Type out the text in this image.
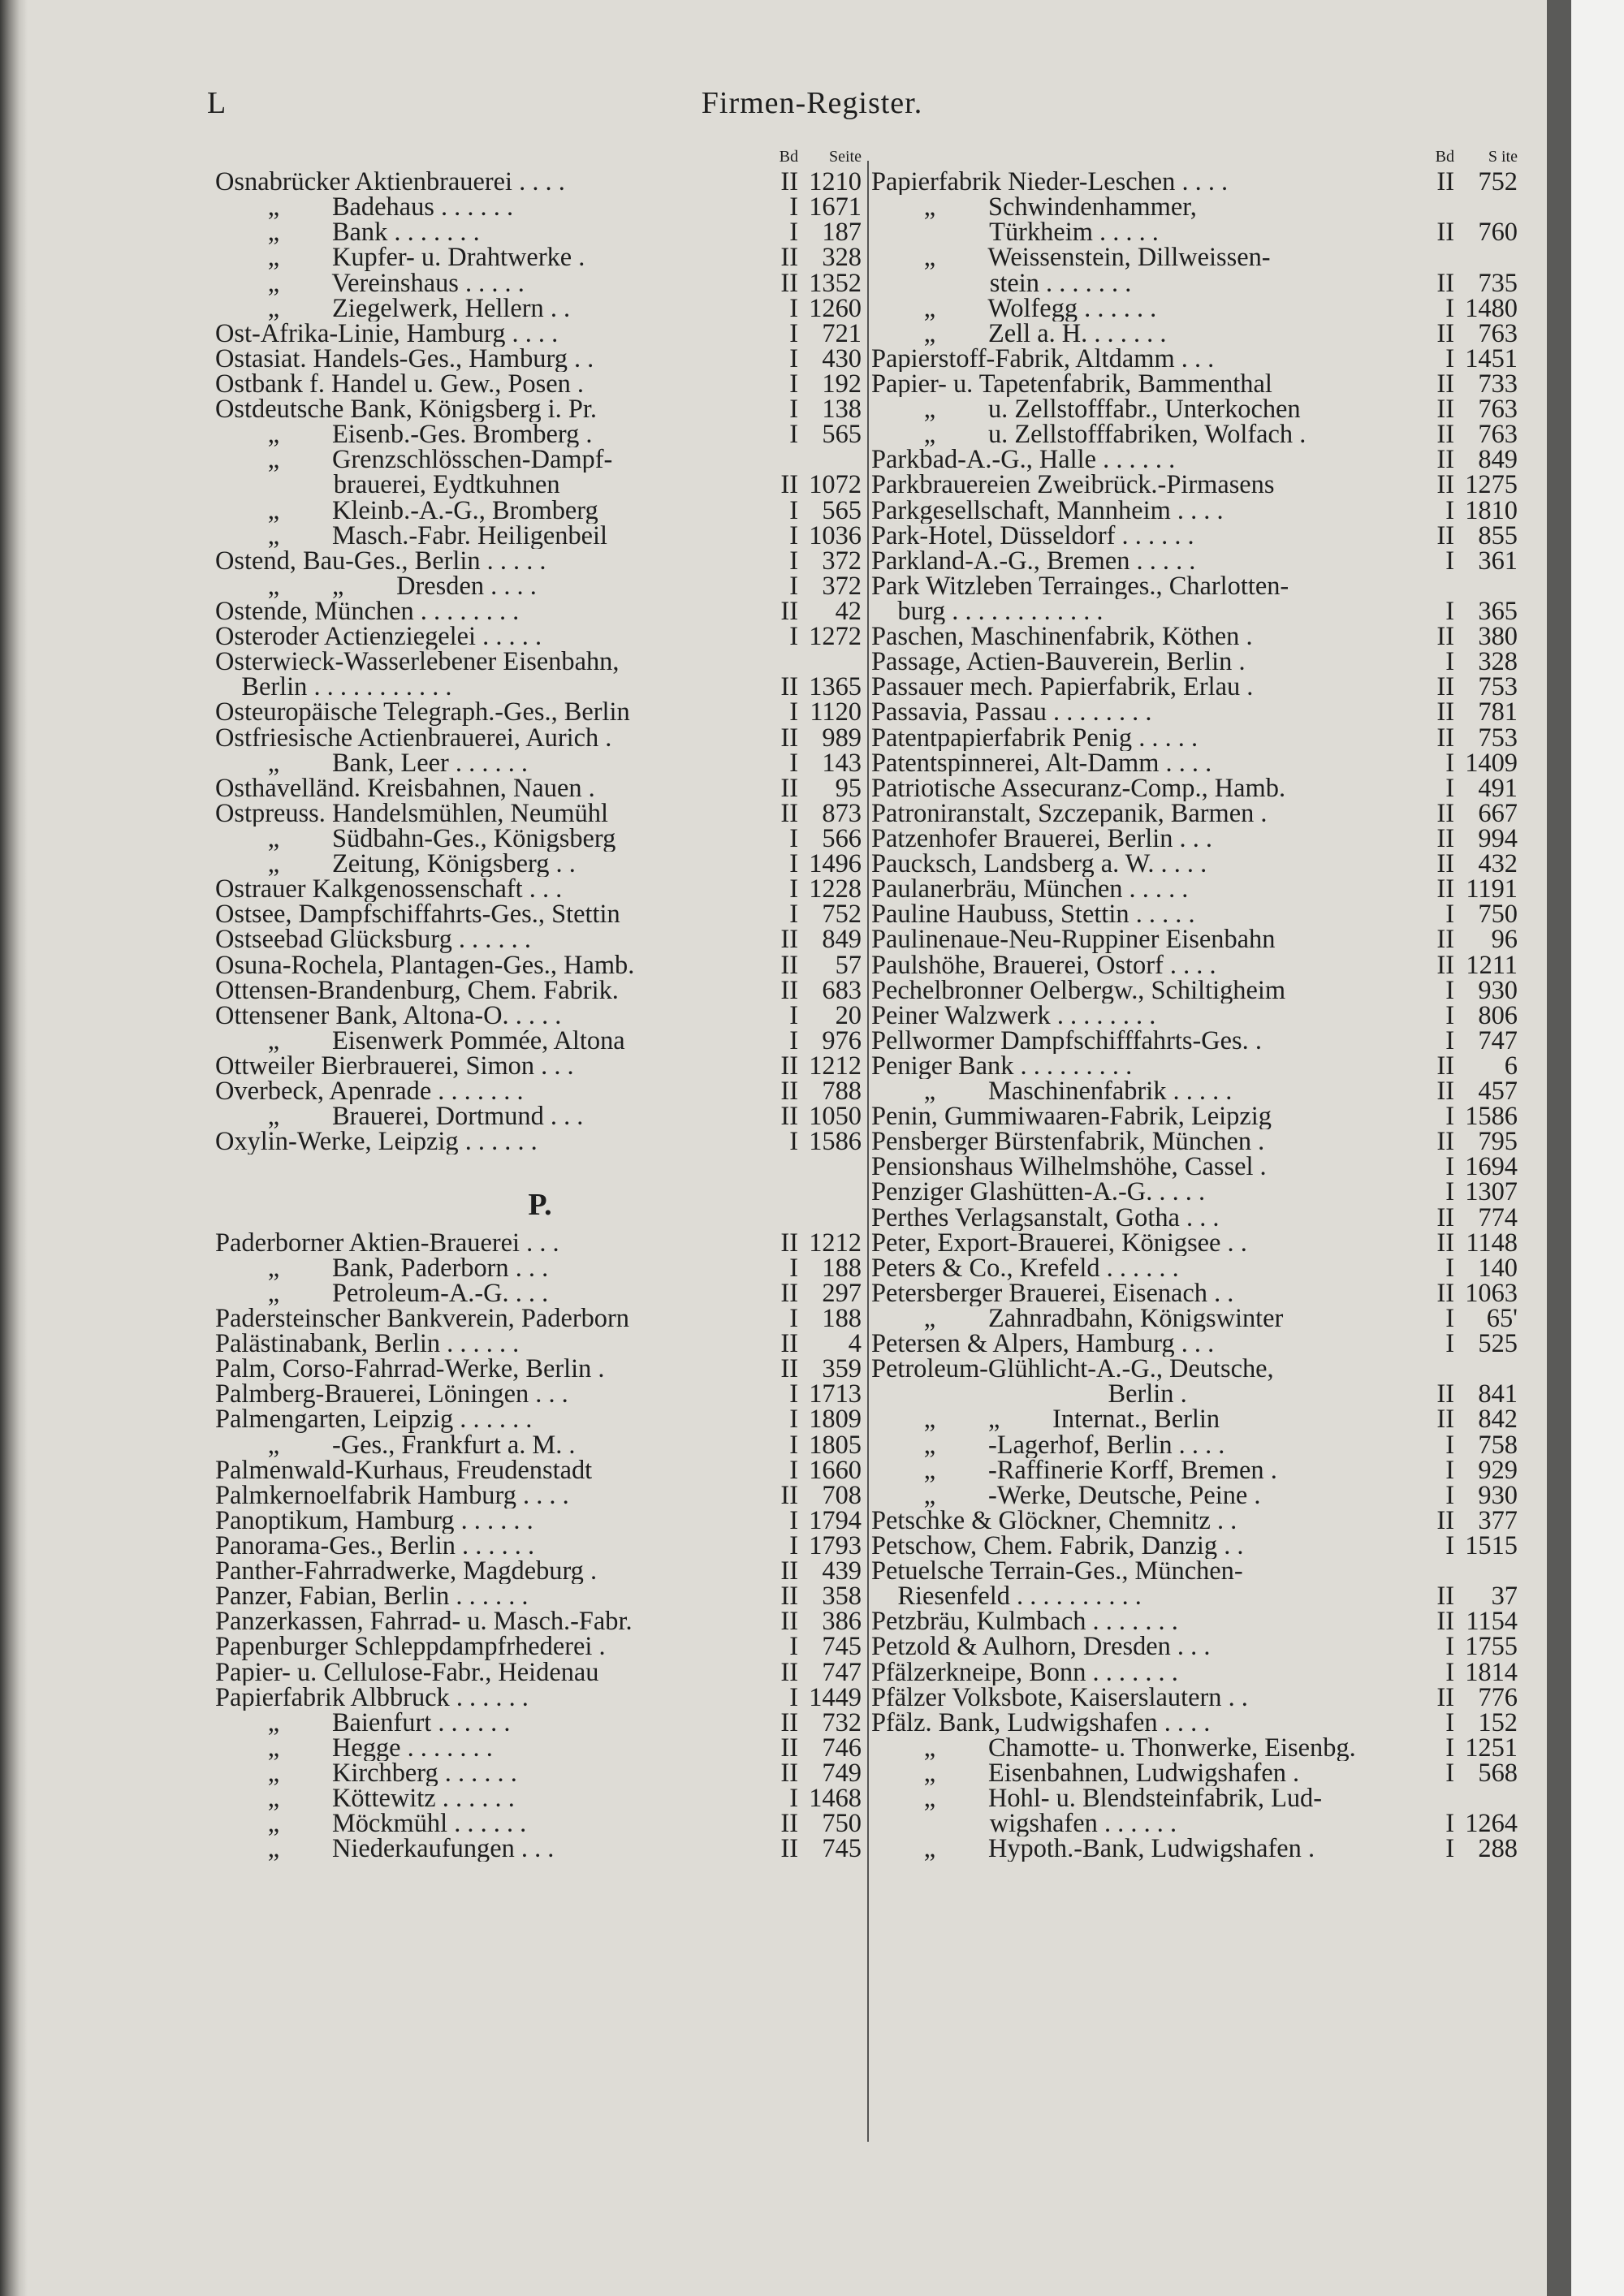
L	Firmen-Register.
Bd	Seite
Osnabrücker Aktienbrauerei . . . .	II 1210
„        Badehaus . . . . . .	I 1671
„        Bank . . . . . . .	I 187
„        Kupfer- u. Drahtwerke .	II 328
„        Vereinshaus . . . . .	II 1352
„        Ziegelwerk, Hellern . .	I 1260
Ost-Afrika-Linie, Hamburg . . . .	I 721
Ostasiat. Handels-Ges., Hamburg . .	I 430
Ostbank f. Handel u. Gew., Posen .	I 192
Ostdeutsche Bank, Königsberg i. Pr.	I 138
„        Eisenb.-Ges. Bromberg .	I 565
„        Grenzschlösschen-Dampf-
brauerei, Eydtkuhnen	II 1072
„        Kleinb.-A.-G., Bromberg	I 565
„        Masch.-Fabr. Heiligenbeil	I 1036
Ostend, Bau-Ges., Berlin . . . . .	I 372
„        „        Dresden . . . .	I 372
Ostende, München . . . . . . . .	II	42
Osteroder Actienziegelei . . . . .	I 1272
Osterwieck-Wasserlebener Eisenbahn,
Berlin . . . . . . . . . . .	II 1365
Osteuropäische Telegraph.-Ges., Berlin	I 1120
Ostfriesische Actienbrauerei, Aurich .	II 989
„        Bank, Leer . . . . . .	I 143
Osthavelländ. Kreisbahnen, Nauen .	II	95
Ostpreuss. Handelsmühlen, Neumühl	II 873
„        Südbahn-Ges., Königsberg	I 566
„        Zeitung, Königsberg . .	I 1496
Ostrauer Kalkgenossenschaft . . .	I 1228
Ostsee, Dampfschiffahrts-Ges., Stettin	I 752
Ostseebad Glücksburg . . . . . .	II 849
Osuna-Rochela, Plantagen-Ges., Hamb.	II	57
Ottensen-Brandenburg, Chem. Fabrik.	II 683
Ottensener Bank, Altona-O. . . . .	I	20
„        Eisenwerk Pommée, Altona	I 976
Ottweiler Bierbrauerei, Simon . . .	II 1212
Overbeck, Apenrade . . . . . . .	II 788
„        Brauerei, Dortmund . . .	II 1050
Oxylin-Werke, Leipzig . . . . . .	I 1586
P.
Paderborner Aktien-Brauerei . . .	II 1212
„        Bank, Paderborn . . .	I 188
„        Petroleum-A.-G. . . .	II 297
Padersteinscher Bankverein, Paderborn	I 188
Palästinabank, Berlin . . . . . .	II	4
Palm, Corso-Fahrrad-Werke, Berlin .	II 359
Palmberg-Brauerei, Löningen . . .	I 1713
Palmengarten, Leipzig . . . . . .	I 1809
„        -Ges., Frankfurt a. M. .	I 1805
Palmenwald-Kurhaus, Freudenstadt	I 1660
Palmkernoelfabrik Hamburg . . . .	II 708
Panoptikum, Hamburg . . . . . .	I 1794
Panorama-Ges., Berlin . . . . . .	I 1793
Panther-Fahrradwerke, Magdeburg .	II 439
Panzer, Fabian, Berlin . . . . . .	II 358
Panzerkassen, Fahrrad- u. Masch.-Fabr.	II 386
Papenburger Schleppdampfrhederei .	I 745
Papier- u. Cellulose-Fabr., Heidenau	II 747
Papierfabrik Albbruck . . . . . .	I 1449
„        Baienfurt . . . . . .	II 732
„        Hegge . . . . . . .	II 746
„        Kirchberg . . . . . .	II 749
„        Köttewitz . . . . . .	I 1468
„        Möckmühl . . . . . .	II 750
„        Niederkaufungen . . .	II 745
Bd	S ite
Papierfabrik Nieder-Leschen . . . .	II 752
„        Schwindenhammer,
Türkheim . . . . .	II 760
„        Weissenstein, Dillweissen-
stein . . . . . . .	II 735
„        Wolfegg . . . . . .	I 1480
„        Zell a. H. . . . . . .	II 763
Papierstoff-Fabrik, Altdamm . . .	I 1451
Papier- u. Tapetenfabrik, Bammenthal	II 733
„        u. Zellstofffabr., Unterkochen	II 763
„        u. Zellstofffabriken, Wolfach .	II 763
Parkbad-A.-G., Halle . . . . . .	II 849
Parkbrauereien Zweibrück.-Pirmasens	II 1275
Parkgesellschaft, Mannheim . . . .	I 1810
Park-Hotel, Düsseldorf . . . . . .	II 855
Parkland-A.-G., Bremen . . . . .	I 361
Park Witzleben Terrainges., Charlotten-
burg . . . . . . . . . . . .	I 365
Paschen, Maschinenfabrik, Köthen .	II 380
Passage, Actien-Bauverein, Berlin .	I 328
Passauer mech. Papierfabrik, Erlau .	II 753
Passavia, Passau . . . . . . . .	II 781
Patentpapierfabrik Penig . . . . .	II 753
Patentspinnerei, Alt-Damm . . . .	I 1409
Patriotische Assecuranz-Comp., Hamb.	I 491
Patroniranstalt, Szczepanik, Barmen .	II 667
Patzenhofer Brauerei, Berlin . . .	II 994
Paucksch, Landsberg a. W. . . . .	II 432
Paulanerbräu, München . . . . .	II 1191
Pauline Haubuss, Stettin . . . . .	I 750
Paulinenaue-Neu-Ruppiner Eisenbahn	II	96
Paulshöhe, Brauerei, Ostorf . . . .	II 1211
Pechelbronner Oelbergw., Schiltigheim	I 930
Peiner Walzwerk . . . . . . . .	I 806
Pellwormer Dampfschifffahrts-Ges. .	I 747
Peniger Bank . . . . . . . . .	II	6
„        Maschinenfabrik . . . . .	II 457
Penin, Gummiwaaren-Fabrik, Leipzig	I 1586
Pensberger Bürstenfabrik, München .	II 795
Pensionshaus Wilhelmshöhe, Cassel .	I 1694
Penziger Glashütten-A.-G. . . . .	I 1307
Perthes Verlagsanstalt, Gotha . . .	II 774
Peter, Export-Brauerei, Königsee . .	II 1148
Peters & Co., Krefeld . . . . . .	I 140
Petersberger Brauerei, Eisenach . .	II 1063
„        Zahnradbahn, Königswinter	I	65'
Petersen & Alpers, Hamburg . . .	I 525
Petroleum-Glühlicht-A.-G., Deutsche,
Berlin .	II 841
„        „        Internat., Berlin	II 842
„        -Lagerhof, Berlin . . . .	I 758
„        -Raffinerie Korff, Bremen .	I 929
„        -Werke, Deutsche, Peine .	I 930
Petschke & Glöckner, Chemnitz . .	II 377
Petschow, Chem. Fabrik, Danzig . .	I 1515
Petuelsche Terrain-Ges., München-
Riesenfeld . . . . . . . . . .	II	37
Petzbräu, Kulmbach . . . . . . .	II 1154
Petzold & Aulhorn, Dresden . . .	I 1755
Pfälzerkneipe, Bonn . . . . . . .	I 1814
Pfälzer Volksbote, Kaiserslautern . .	II 776
Pfälz. Bank, Ludwigshafen . . . .	I 152
„        Chamotte- u. Thonwerke, Eisenbg.	I 1251
„        Eisenbahnen, Ludwigshafen .	I 568
„        Hohl- u. Blendsteinfabrik, Lud-
wigshafen . . . . . .	I 1264
„        Hypoth.-Bank, Ludwigshafen .	I 288
